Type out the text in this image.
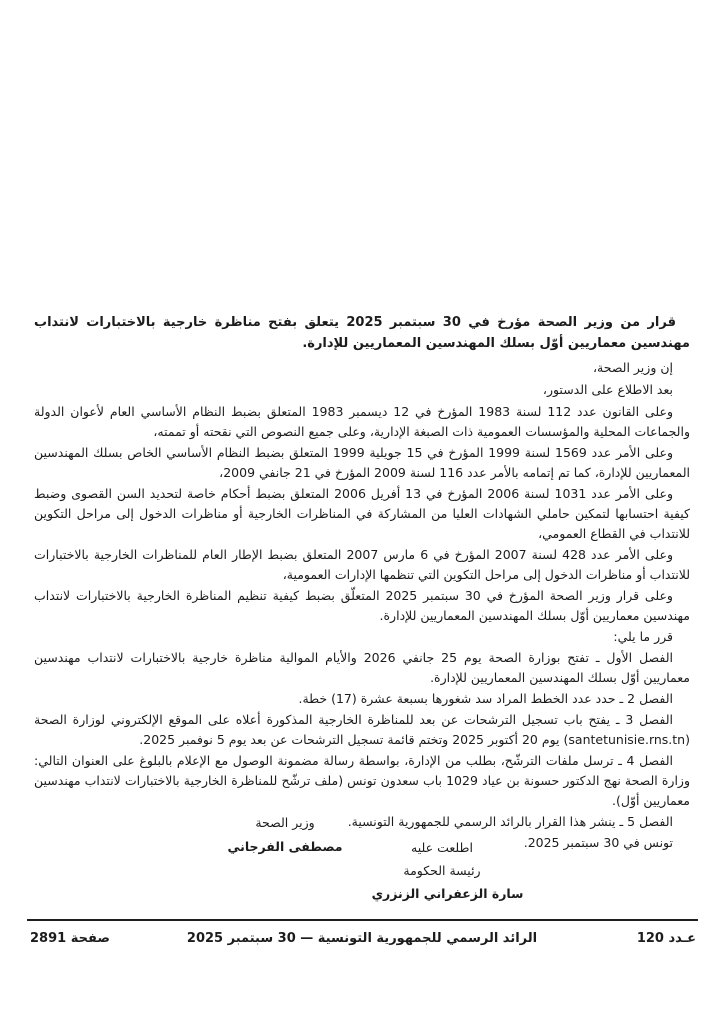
قرار من وزير الصحة مؤرخ في 30 سبتمبر 2025 يتعلق بفتح مناظرة خارجية بالاختبارات لانتداب مهندسين معماريين أوّل بسلك المهندسين المعماريين للإدارة.

إن وزير الصحة،

بعد الاطلاع على الدستور،

وعلى القانون عدد 112 لسنة 1983 المؤرخ في 12 ديسمبر 1983 المتعلق بضبط النظام الأساسي العام لأعوان الدولة والجماعات المحلية والمؤسسات العمومية ذات الصبغة الإدارية، وعلى جميع النصوص التي نقحته أو تممته،

وعلى الأمر عدد 1569 لسنة 1999 المؤرخ في 15 جويلية 1999 المتعلق بضبط النظام الأساسي الخاص بسلك المهندسين المعماريين للإدارة، كما تم إتمامه بالأمر عدد 116 لسنة 2009 المؤرخ في 21 جانفي 2009،

وعلى الأمر عدد 1031 لسنة 2006 المؤرخ في 13 أفريل 2006 المتعلق بضبط أحكام خاصة لتحديد السن القصوى وضبط كيفية احتسابها لتمكين حاملي الشهادات العليا من المشاركة في المناظرات الخارجية أو مناظرات الدخول إلى مراحل التكوين للانتداب في القطاع العمومي،

وعلى الأمر عدد 428 لسنة 2007 المؤرخ في 6 مارس 2007 المتعلق بضبط الإطار العام للمناظرات الخارجية بالاختبارات للانتداب أو مناظرات الدخول إلى مراحل التكوين التي تنظمها الإدارات العمومية،

وعلى قرار وزير الصحة المؤرخ في 30 سبتمبر 2025 المتعلّق بضبط كيفية تنظيم المناظرة الخارجية بالاختبارات لانتداب مهندسين معماريين أوّل بسلك المهندسين المعماريين للإدارة.

قرر ما يلي:

الفصل الأول ـ تفتح بوزارة الصحة يوم 25 جانفي 2026 والأيام الموالية مناظرة خارجية بالاختبارات لانتداب مهندسين معماريين أوّل بسلك المهندسين المعماريين للإدارة.

الفصل 2 ـ حدد عدد الخطط المراد سد شغورها بسبعة عشرة (17) خطة.

الفصل 3 ـ يفتح باب تسجيل الترشحات عن بعد للمناظرة الخارجية المذكورة أعلاه على الموقع الإلكتروني لوزارة الصحة (santetunisie.rns.tn) يوم 20 أكتوبر 2025 وتختم قائمة تسجيل الترشحات عن بعد يوم 5 نوفمبر 2025.

الفصل 4 ـ ترسل ملفات الترشّح، بطلب من الإدارة، بواسطة رسالة مضمونة الوصول مع الإعلام بالبلوغ على العنوان التالي: وزارة الصحة نهج الدكتور حسونة بن عياد 1029 باب سعدون تونس (ملف ترشّح للمناظرة الخارجية بالاختبارات لانتداب مهندسين معماريين أوّل).

الفصل 5 ـ ينشر هذا القرار بالرائد الرسمي للجمهورية التونسية.

تونس في 30 سبتمبر 2025.

وزير الصحة
اطلعت عليه
مصطفى الفرجاني
رئيسة الحكومة
سارة الزعفراني الزنزري
عـدد 120
الرائد الرسمي للجمهورية التونسية — 30 سبتمبر 2025
صفحة 2891
